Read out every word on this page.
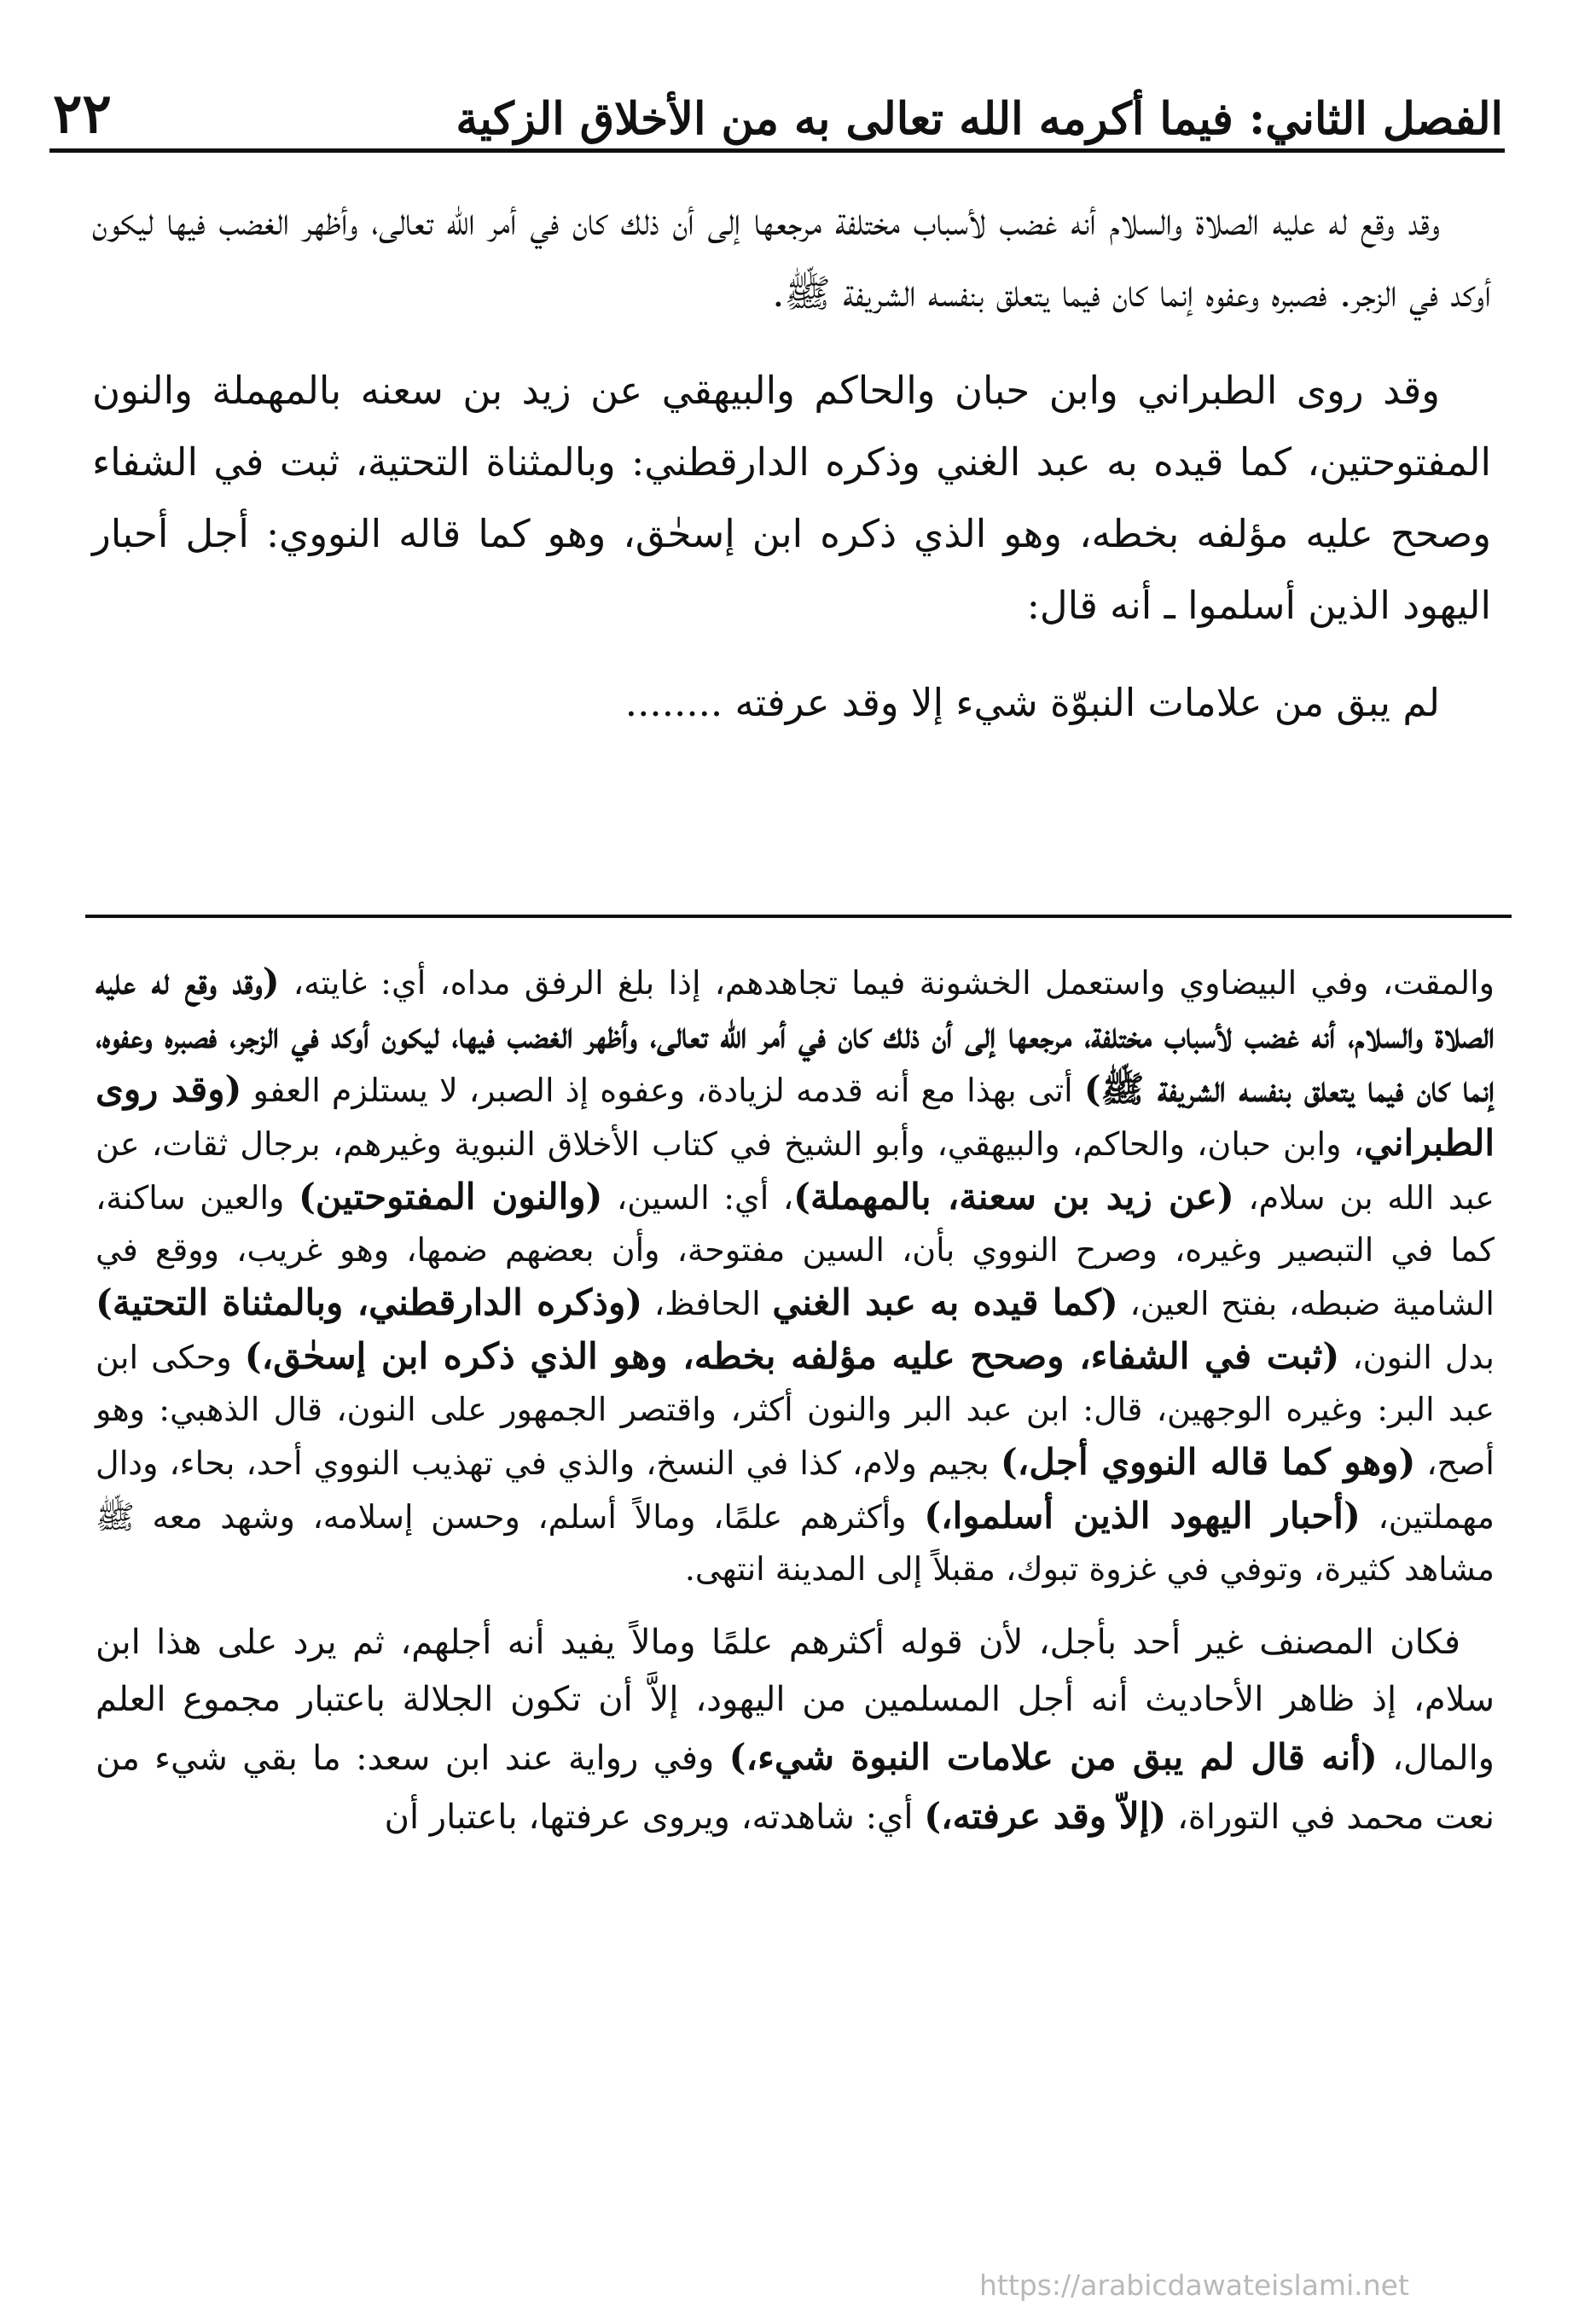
الفصل الثاني: فيما أكرمه الله تعالى به من الأخلاق الزكية
٢٢

وقد وقع له عليه الصلاة والسلام أنه غضب لأسباب مختلفة مرجعها إلى أن ذلك كان في أمر الله تعالى، وأظهر الغضب فيها ليكون أوكد في الزجر. فصبره وعفوه إنما كان فيما يتعلق بنفسه الشريفة ﷺ.

وقد روى الطبراني وابن حبان والحاكم والبيهقي عن زيد بن سعنه بالمهملة والنون المفتوحتين، كما قيده به عبد الغني وذكره الدارقطني: وبالمثناة التحتية، ثبت في الشفاء وصحح عليه مؤلفه بخطه، وهو الذي ذكره ابن إسحٰق، وهو كما قاله النووي: أجل أحبار اليهود الذين أسلموا ـ أنه قال:

لم يبق من علامات النبوّة شيء إلا وقد عرفته ........

والمقت، وفي البيضاوي واستعمل الخشونة فيما تجاهدهم، إذا بلغ الرفق مداه، أي: غايته، (وقد وقع له عليه الصلاة والسلام، أنه غضب لأسباب مختلفة، مرجعها إلى أن ذلك كان في أمر الله تعالى، وأظهر الغضب فيها، ليكون أوكد في الزجر، فصبره وعفوه، إنما كان فيما يتعلق بنفسه الشريفة ﷺ) أتى بهذا مع أنه قدمه لزيادة، وعفوه إذ الصبر، لا يستلزم العفو (وقد روى الطبراني، وابن حبان، والحاكم، والبيهقي، وأبو الشيخ في كتاب الأخلاق النبوية وغيرهم، برجال ثقات، عن عبد الله بن سلام، (عن زيد بن سعنة، بالمهملة)، أي: السين، (والنون المفتوحتين) والعين ساكنة، كما في التبصير وغيره، وصرح النووي بأن، السين مفتوحة، وأن بعضهم ضمها، وهو غريب، ووقع في الشامية ضبطه، بفتح العين، (كما قيده به عبد الغني الحافظ، (وذكره الدارقطني، وبالمثناة التحتية) بدل النون، (ثبت في الشفاء، وصحح عليه مؤلفه بخطه، وهو الذي ذكره ابن إسحٰق،) وحكى ابن عبد البر: وغيره الوجهين، قال: ابن عبد البر والنون أكثر، واقتصر الجمهور على النون، قال الذهبي: وهو أصح، (وهو كما قاله النووي أجل،) بجيم ولام، كذا في النسخ، والذي في تهذيب النووي أحد، بحاء، ودال مهملتين، (أحبار اليهود الذين أسلموا،) وأكثرهم علمًا، ومالاً أسلم، وحسن إسلامه، وشهد معه ﷺ مشاهد كثيرة، وتوفي في غزوة تبوك، مقبلاً إلى المدينة انتهى.

فكان المصنف غير أحد بأجل، لأن قوله أكثرهم علمًا ومالاً يفيد أنه أجلهم، ثم يرد على هذا ابن سلام، إذ ظاهر الأحاديث أنه أجل المسلمين من اليهود، إلاَّ أن تكون الجلالة باعتبار مجموع العلم والمال، (أنه قال لم يبق من علامات النبوة شيء،) وفي رواية عند ابن سعد: ما بقي شيء من نعت محمد في التوراة، (إلاّ وقد عرفته،) أي: شاهدته، ويروى عرفتها، باعتبار أن

https://arabicdawateislami.net
